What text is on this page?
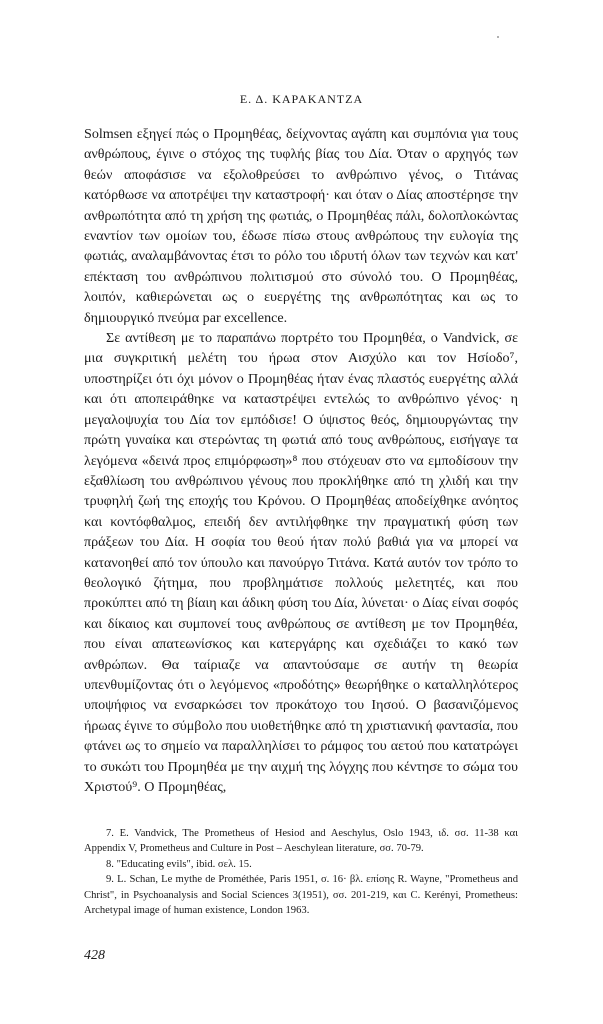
Ε. Δ. ΚΑΡΑΚΑΝΤΖΑ

Solmsen εξηγεί πώς ο Προμηθέας, δείχνοντας αγάπη και συμπόνια για τους ανθρώπους, έγινε ο στόχος της τυφλής βίας του Δία. Όταν ο αρχηγός των θεών αποφάσισε να εξολοθρεύσει το ανθρώπινο γένος, ο Τιτάνας κατόρθωσε να αποτρέψει την καταστροφή· και όταν ο Δίας αποστέρησε την ανθρωπότητα από τη χρήση της φωτιάς, ο Προμηθέας πάλι, δολοπλοκώντας εναντίον των ομοίων του, έδωσε πίσω στους ανθρώπους την ευλογία της φωτιάς, αναλαμβάνοντας έτσι το ρόλο του ιδρυτή όλων των τεχνών και κατ' επέκταση του ανθρώπινου πολιτισμού στο σύνολό του. Ο Προμηθέας, λοιπόν, καθιερώνεται ως ο ευεργέτης της ανθρωπότητας και ως το δημιουργικό πνεύμα par excellence.

Σε αντίθεση με το παραπάνω πορτρέτο του Προμηθέα, ο Vandvick, σε μια συγκριτική μελέτη του ήρωα στον Αισχύλο και τον Ησίοδο⁷, υποστηρίζει ότι όχι μόνον ο Προμηθέας ήταν ένας πλαστός ευεργέτης αλλά και ότι αποπειράθηκε να καταστρέψει εντελώς το ανθρώπινο γένος· η μεγαλοψυχία του Δία τον εμπόδισε! Ο ύψιστος θεός, δημιουργώντας την πρώτη γυναίκα και στερώντας τη φωτιά από τους ανθρώπους, εισήγαγε τα λεγόμενα «δεινά προς επιμόρφωση»⁸ που στόχευαν στο να εμποδίσουν την εξαθλίωση του ανθρώπινου γένους που προκλήθηκε από τη χλιδή και την τρυφηλή ζωή της εποχής του Κρόνου. Ο Προμηθέας αποδείχθηκε ανόητος και κοντόφθαλμος, επειδή δεν αντιλήφθηκε την πραγματική φύση των πράξεων του Δία. Η σοφία του θεού ήταν πολύ βαθιά για να μπορεί να κατανοηθεί από τον ύπουλο και πανούργο Τιτάνα. Κατά αυτόν τον τρόπο το θεολογικό ζήτημα, που προβλημάτισε πολλούς μελετητές, και που προκύπτει από τη βίαιη και άδικη φύση του Δία, λύνεται· ο Δίας είναι σοφός και δίκαιος και συμπονεί τους ανθρώπους σε αντίθεση με τον Προμηθέα, που είναι απατεωνίσκος και κατεργάρης και σχεδιάζει το κακό των ανθρώπων. Θα ταίριαζε να απαντούσαμε σε αυτήν τη θεωρία υπενθυμίζοντας ότι ο λεγόμενος «προδότης» θεωρήθηκε ο καταλληλότερος υποψήφιος να ενσαρκώσει τον προκάτοχο του Ιησού. Ο βασανιζόμενος ήρωας έγινε το σύμβολο που υιοθετήθηκε από τη χριστιανική φαντασία, που φτάνει ως το σημείο να παραλληλίσει το ράμφος του αετού που κατατρώγει το συκώτι του Προμηθέα με την αιχμή της λόγχης που κέντησε το σώμα του Χριστού⁹. Ο Προμηθέας,

7. E. Vandvick, The Prometheus of Hesiod and Aeschylus, Oslo 1943, ιδ. σσ. 11-38 και Appendix V, Prometheus and Culture in Post – Aeschylean literature, σσ. 70-79.

8. "Educating evils", ibid. σελ. 15.

9. L. Schan, Le mythe de Prométhée, Paris 1951, σ. 16· βλ. επίσης R. Wayne, "Prometheus and Christ", in Psychoanalysis and Social Sciences 3(1951), σσ. 201-219, και C. Kerényi, Prometheus: Archetypal image of human existence, London 1963.

428
